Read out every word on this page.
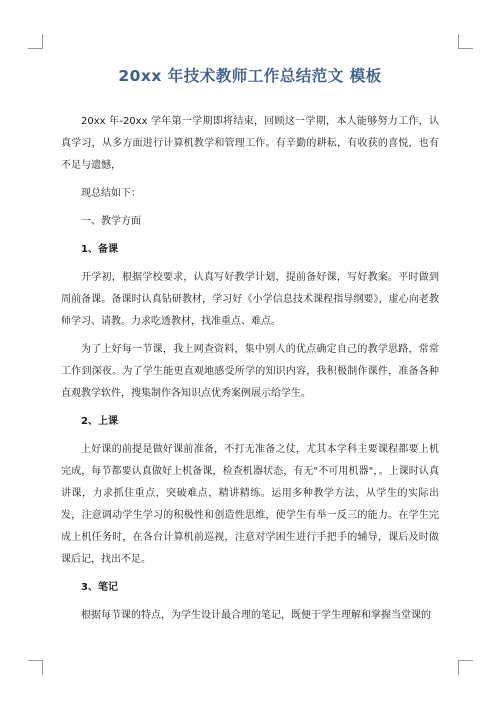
20xx 年技术教师工作总结范文 模板

20xx 年-20xx 学年第一学期即将结束，回顾这一学期，本人能够努力工作，认真学习，从多方面进行计算机教学和管理工作。有辛勤的耕耘，有收获的喜悦，也有不足与遗憾，

现总结如下：

一、教学方面

1、备课

开学初，根据学校要求，认真写好教学计划，提前备好课，写好教案。平时做到周前备课。备课时认真钻研教材，学习好《小学信息技术课程指导纲要》，虚心向老教师学习、请教。力求吃透教材，找准重点、难点。

为了上好每一节课，我上网查资料，集中别人的优点确定自己的教学思路，常常工作到深夜。为了学生能更直观地感受所学的知识内容，我积极制作课件，准备各种直观教学软件，搜集制作各知识点优秀案例展示给学生。

2、上课

上好课的前提是做好课前准备，不打无准备之仗，尤其本学科主要课程都要上机完成，每节都要认真做好上机备课，检查机器状态，有无"不可用机器"，。上课时认真讲课，力求抓住重点，突破难点，精讲精练。运用多种教学方法，从学生的实际出发，注意调动学生学习的积极性和创造性思维，使学生有举一反三的能力。在学生完成上机任务时，在各台计算机前巡视，注意对学困生进行手把手的辅导，课后及时做课后记，找出不足。

3、笔记

根据每节课的特点，为学生设计最合理的笔记，既便于学生理解和掌握当堂课的
